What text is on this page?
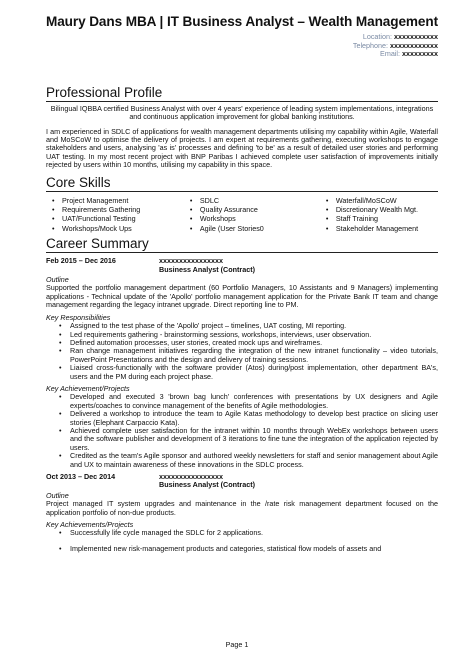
Maury Dans MBA | IT Business Analyst – Wealth Management
Location: xxxxxxxxxxx
Telephone: xxxxxxxxxxxx
Email: xxxxxxxxx
Professional Profile

Bilingual IQBBA certified Business Analyst with over 4 years' experience of leading system implementations, integrations and continuous application improvement for global banking institutions.

I am experienced in SDLC of applications for wealth management departments utilising my capability within Agile, Waterfall and MoSCoW to optimise the delivery of projects. I am expert at requirements gathering, executing workshops to engage stakeholders and users, analysing 'as is' processes and defining 'to be' as a result of detailed user stories and performing UAT testing. In my most recent project with BNP Paribas I achieved complete user satisfaction of improvements initially rejected by users within 10 months, utilising my capability in this space.

Core Skills
• Project Management
• Requirements Gathering
• UAT/Functional Testing
• Workshops/Mock Ups
• SDLC
• Quality Assurance
• Workshops
• Agile (User Stories0
• Waterfall/MoSCoW
• Discretionary Wealth Mgt.
• Staff Training
• Stakeholder Management
Career Summary
Feb 2015 – Dec 2016	xxxxxxxxxxxxxxxx
Business Analyst (Contract)

Outline

Supported the portfolio management department (60 Portfolio Managers, 10 Assistants and 9 Managers) implementing applications - Technical update of the 'Apollo' portfolio management application for the Private Bank IT team and change management regarding the legacy intranet upgrade. Direct reporting line to PM.

Key Responsibilities

• Assigned to the test phase of the 'Apollo' project – timelines, UAT costing, MI reporting.
• Led requirements gathering - brainstorming sessions, workshops, interviews, user observation.
• Defined automation processes, user stories, created mock ups and wireframes.
• Ran change management initiatives regarding the integration of the new intranet functionality – video tutorials, PowerPoint Presentations and the design and delivery of training sessions.
• Liaised cross-functionally with the software provider (Atos) during/post implementation, other department BA's, users and the PM during each project phase.

Key Achievement/Projects

• Developed and executed 3 'brown bag lunch' conferences with presentations by UX designers and Agile experts/coaches to convince management of the benefits of Agile methodologies.
• Delivered a workshop to introduce the team to Agile Katas methodology to develop best practice on slicing user stories (Elephant Carpaccio Kata).
• Achieved complete user satisfaction for the intranet within 10 months through WebEx workshops between users and the software publisher and development of 3 iterations to fine tune the integration of the application rejected by users.
• Credited as the team's Agile sponsor and authored weekly newsletters for staff and senior management about Agile and UX to maintain awareness of these innovations in the SDLC process.
Oct 2013 – Dec 2014	xxxxxxxxxxxxxxxx
Business Analyst (Contract)

Outline

Project managed IT system upgrades and maintenance in the /rate risk management department focused on the application portfolio of non-due products.

Key Achievements/Projects

• Successfully life cycle managed the SDLC for 2 applications.
• Implemented new risk-management products and categories, statistical flow models of assets and
Page 1
